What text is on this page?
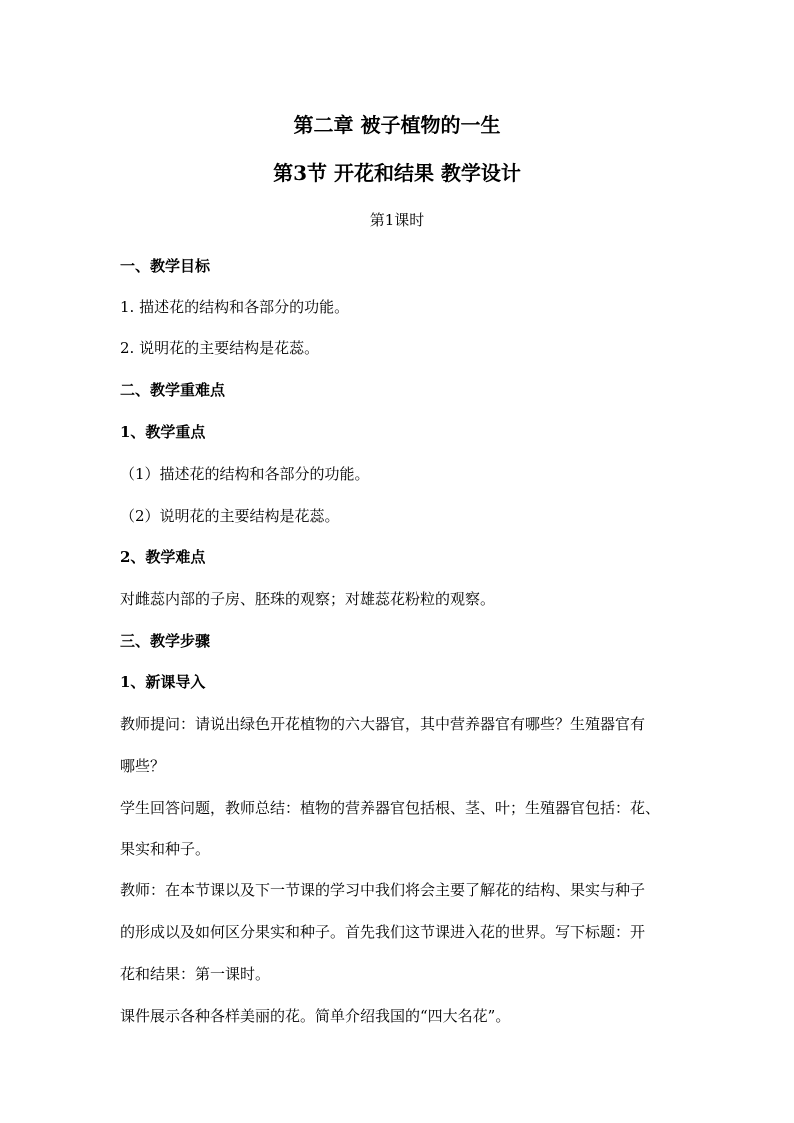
第二章 被子植物的一生
第3节 开花和结果 教学设计
第1课时
一、教学目标
1. 描述花的结构和各部分的功能。
2. 说明花的主要结构是花蕊。
二、教学重难点
1、教学重点
（1）描述花的结构和各部分的功能。
（2）说明花的主要结构是花蕊。
2、教学难点
对雌蕊内部的子房、胚珠的观察；对雄蕊花粉粒的观察。
三、教学步骤
1、新课导入
教师提问：请说出绿色开花植物的六大器官，其中营养器官有哪些？生殖器官有
哪些？
学生回答问题，教师总结：植物的营养器官包括根、茎、叶；生殖器官包括：花、
果实和种子。
教师：在本节课以及下一节课的学习中我们将会主要了解花的结构、果实与种子
的形成以及如何区分果实和种子。首先我们这节课进入花的世界。写下标题：开
花和结果：第一课时。
课件展示各种各样美丽的花。简单介绍我国的“四大名花”。
